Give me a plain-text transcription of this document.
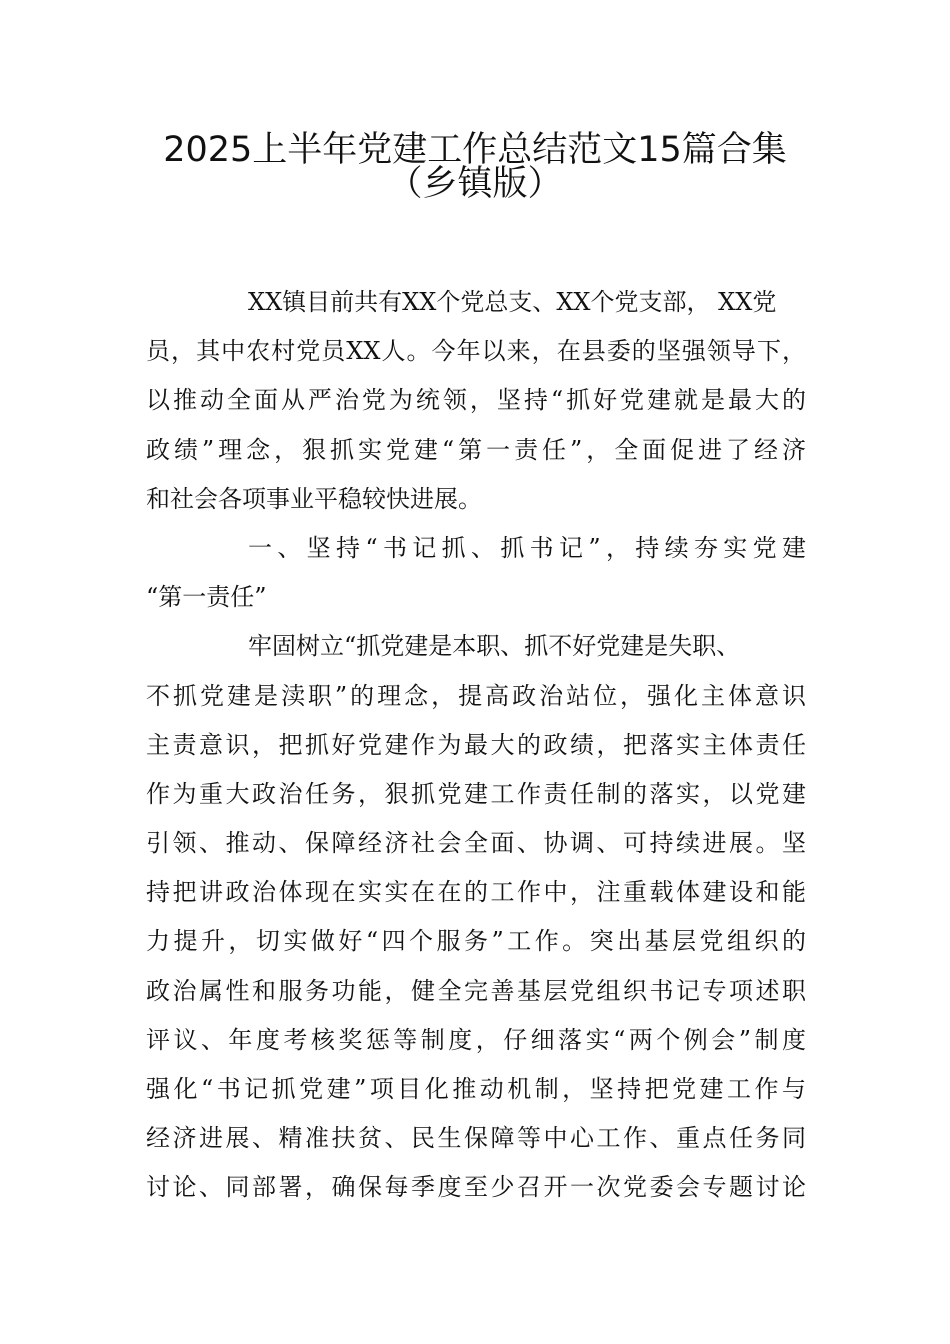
2025上半年党建工作总结范文15篇合集
（乡镇版）
XX镇目前共有XX个党总支、XX个党支部， XX党
员，其中农村党员XX人。今年以来，在县委的坚强领导下，
以推动全面从严治党为统领，坚持“抓好党建就是最大的
政绩”理念，狠抓实党建“第一责任”，全面促进了经济
和社会各项事业平稳较快进展。
一、坚持“书记抓、抓书记”，持续夯实党建
“第一责任”
牢固树立“抓党建是本职、抓不好党建是失职、
不抓党建是渎职”的理念，提高政治站位，强化主体意识
主责意识，把抓好党建作为最大的政绩，把落实主体责任
作为重大政治任务，狠抓党建工作责任制的落实，以党建
引领、推动、保障经济社会全面、协调、可持续进展。坚
持把讲政治体现在实实在在的工作中，注重载体建设和能
力提升，切实做好“四个服务”工作。突出基层党组织的
政治属性和服务功能，健全完善基层党组织书记专项述职
评议、年度考核奖惩等制度，仔细落实“两个例会”制度
强化“书记抓党建”项目化推动机制，坚持把党建工作与
经济进展、精准扶贫、民生保障等中心工作、重点任务同
讨论、同部署，确保每季度至少召开一次党委会专题讨论
